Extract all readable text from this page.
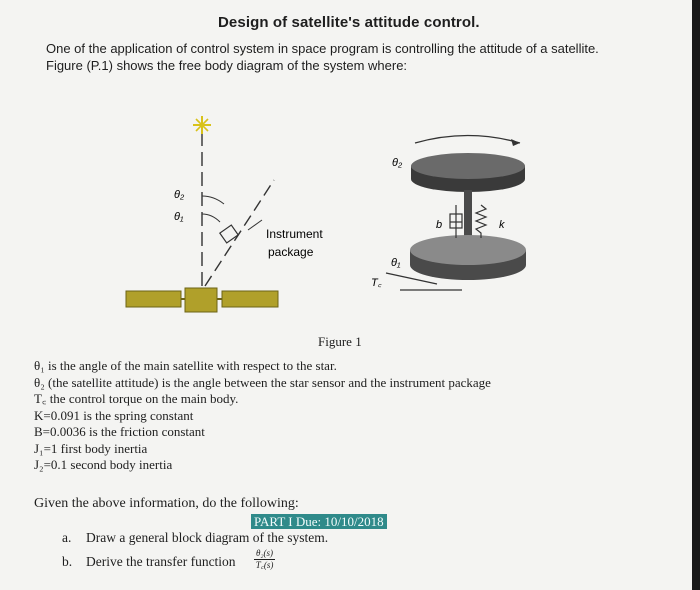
Design of satellite's attitude control.
One of the application of control system in space program is controlling the attitude of a satellite.
Figure (P.1) shows the free body diagram of the system where:
θ₂
θ₁
Instrument
package
θ₂
b	k
θ₁
T꜀
Figure 1
θ₁ is the angle of the main satellite with respect to the star.
θ₂ (the satellite attitude) is the angle between the star sensor and the instrument package
T꜀ the control torque on the main body.
K=0.091 is the spring constant
B=0.0036 is the friction constant
J₁=1 first body inertia
J₂=0.1 second body inertia
Given the above information, do the following:
PART I Due: 10/10/2018
a. Draw a general block diagram of the system.
b. Derive the transfer function $\frac{\text{θ₂(s)}}{T꜀(s)}$
